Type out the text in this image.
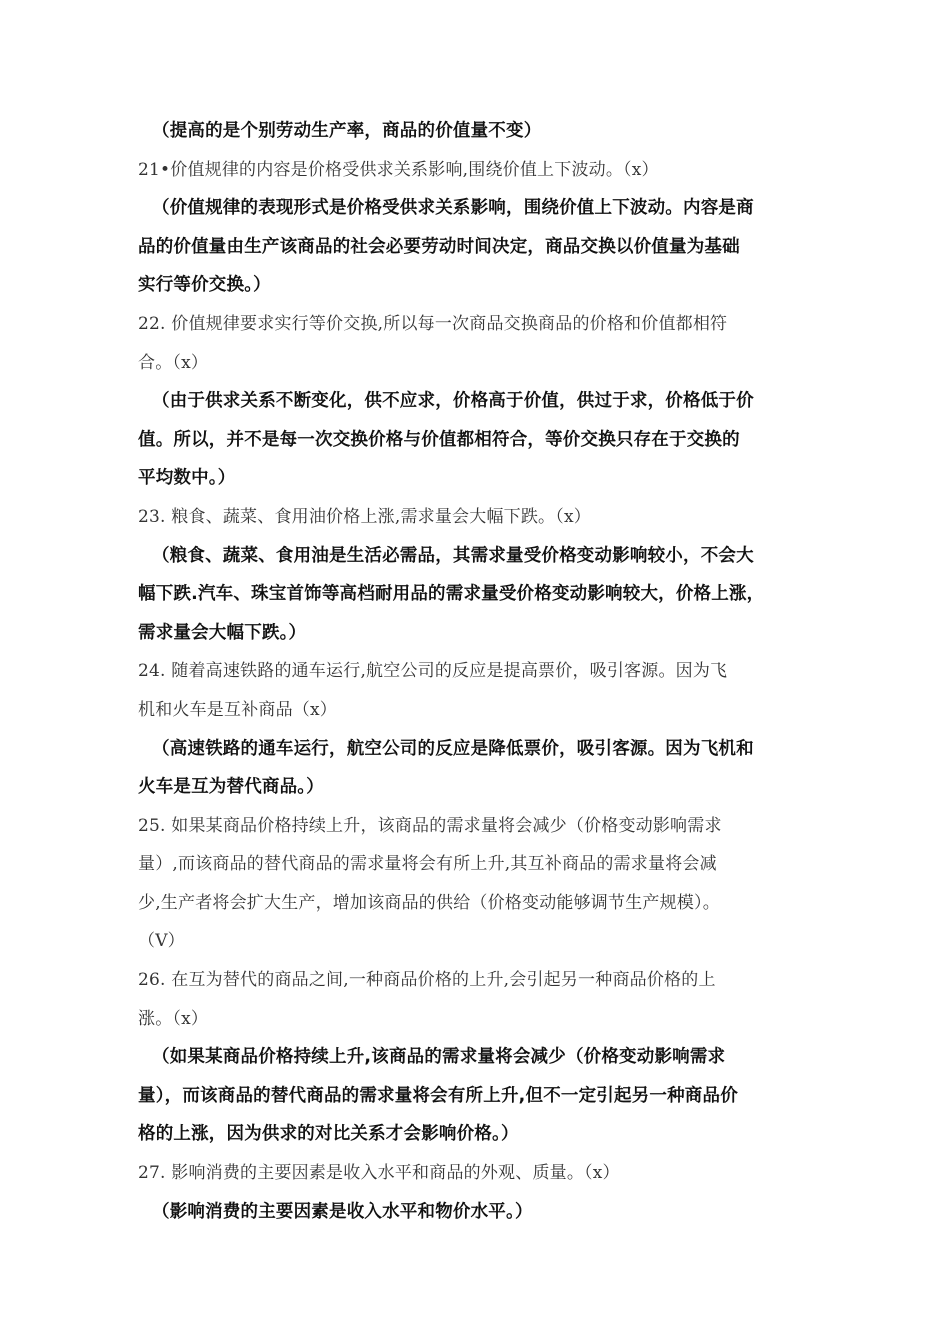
（提高的是个别劳动生产率，商品的价值量不变）
21•价值规律的内容是价格受供求关系影响,围绕价值上下波动。（x）
（价值规律的表现形式是价格受供求关系影响，围绕价值上下波动。内容是商
品的价值量由生产该商品的社会必要劳动时间决定，商品交换以价值量为基础
实行等价交换。）
22. 价值规律要求实行等价交换,所以每一次商品交换商品的价格和价值都相符
合。（x）
（由于供求关系不断变化，供不应求，价格高于价值，供过于求，价格低于价
值。所以，并不是每一次交换价格与价值都相符合，等价交换只存在于交换的
平均数中。）
23. 粮食、蔬菜、食用油价格上涨,需求量会大幅下跌。（x）
（粮食、蔬菜、食用油是生活必需品，其需求量受价格变动影响较小，不会大
幅下跌.汽车、珠宝首饰等高档耐用品的需求量受价格变动影响较大，价格上涨，
需求量会大幅下跌。）
24. 随着高速铁路的通车运行,航空公司的反应是提高票价，吸引客源。因为飞
机和火车是互补商品（x）
（高速铁路的通车运行，航空公司的反应是降低票价，吸引客源。因为飞机和
火车是互为替代商品。）
25. 如果某商品价格持续上升，该商品的需求量将会减少（价格变动影响需求
量）,而该商品的替代商品的需求量将会有所上升,其互补商品的需求量将会减
少,生产者将会扩大生产，增加该商品的供给（价格变动能够调节生产规模）。
（V）
26. 在互为替代的商品之间,一种商品价格的上升,会引起另一种商品价格的上
涨。（x）
（如果某商品价格持续上升,该商品的需求量将会减少（价格变动影响需求
量），而该商品的替代商品的需求量将会有所上升,但不一定引起另一种商品价
格的上涨，因为供求的对比关系才会影响价格。）
27. 影响消费的主要因素是收入水平和商品的外观、质量。（x）
（影响消费的主要因素是收入水平和物价水平。）
